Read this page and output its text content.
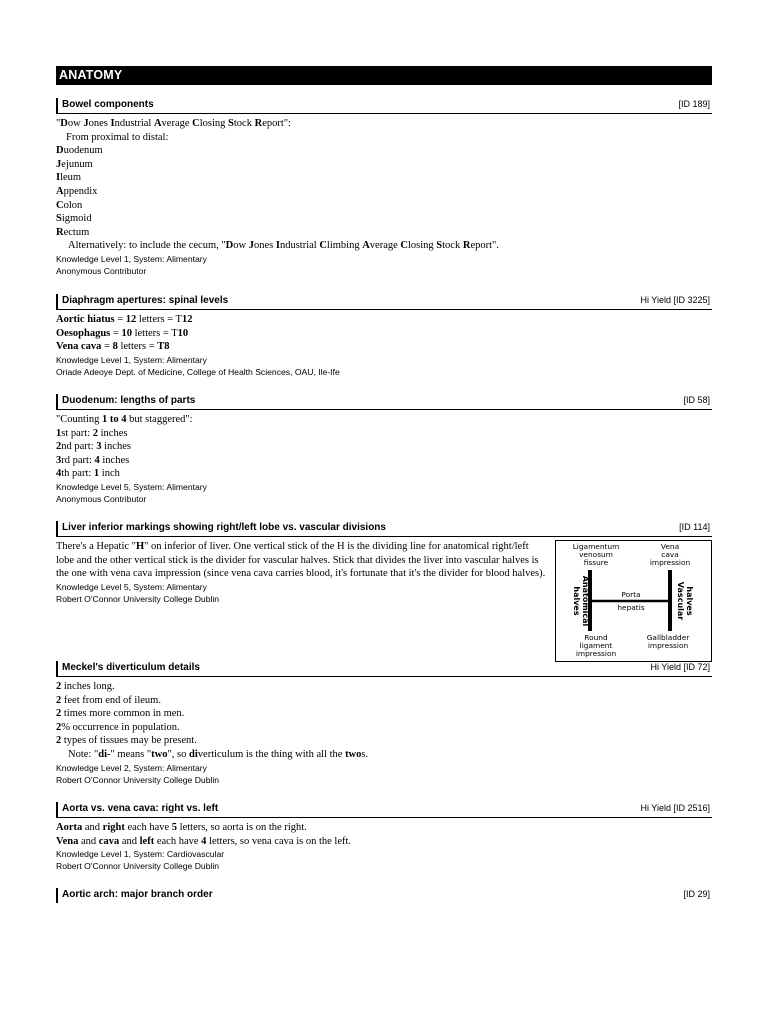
ANATOMY
Bowel components	[ID 189]
"Dow Jones Industrial Average Closing Stock Report":
From proximal to distal:
Duodenum
Jejunum
Ileum
Appendix
Colon
Sigmoid
Rectum
Alternatively: to include the cecum, "Dow Jones Industrial Climbing Average Closing Stock Report".
Knowledge Level 1, System: Alimentary
Anonymous Contributor
Diaphragm apertures: spinal levels	Hi Yield [ID 3225]
Aortic hiatus = 12 letters = T12
Oesophagus = 10 letters = T10
Vena cava = 8 letters = T8
Knowledge Level 1, System: Alimentary
Oriade Adeoye Dept. of Medicine, College of Health Sciences, OAU, Ile-Ife
Duodenum: lengths of parts	[ID 58]
"Counting 1 to 4 but staggered":
1st part: 2 inches
2nd part: 3 inches
3rd part: 4 inches
4th part: 1 inch
Knowledge Level 5, System: Alimentary
Anonymous Contributor
Liver inferior markings showing right/left lobe vs. vascular divisions	[ID 114]
There's a Hepatic "H" on inferior of liver. One vertical stick of the H is the dividing line for anatomical right/left lobe and the other vertical stick is the divider for vascular halves. Stick that divides the liver into vascular halves is the one with vena cava impression (since vena cava carries blood, it's fortunate that it's the divider for blood halves).
Knowledge Level 5, System: Alimentary
Robert O'Connor University College Dublin
Ligamentum
venosum
fissure
Vena
cava
impression
Anatomical
halves	Vascular halves
Porta
hepatis
Round
ligament
impression
Gallbladder
impression
Meckel's diverticulum details	Hi Yield [ID 72]
2 inches long.
2 feet from end of ileum.
2 times more common in men.
2% occurrence in population.
2 types of tissues may be present.
Note: "di-" means "two", so diverticulum is the thing with all the twos.
Knowledge Level 2, System: Alimentary
Robert O'Connor University College Dublin
Aorta vs. vena cava: right vs. left	Hi Yield [ID 2516]
Aorta and right each have 5 letters, so aorta is on the right.
Vena and cava and left each have 4 letters, so vena cava is on the left.
Knowledge Level 1, System: Cardiovascular
Robert O'Connor University College Dublin
Aortic arch: major branch order	[ID 29]
